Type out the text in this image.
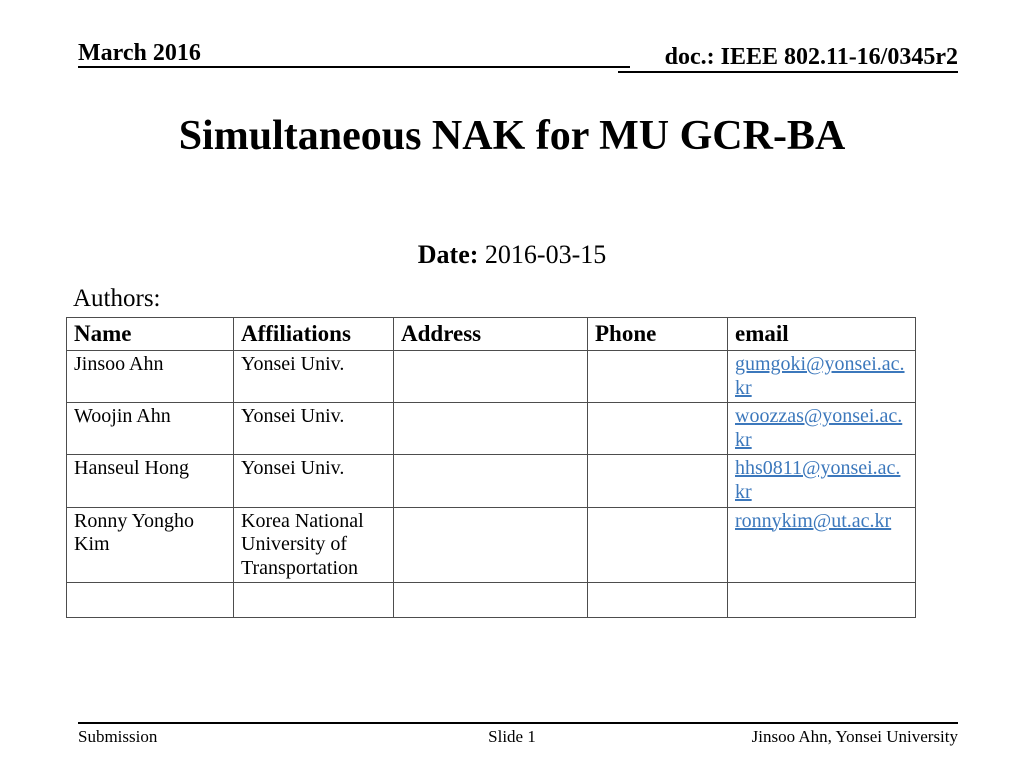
March 2016	doc.: IEEE 802.11-16/0345r2
Simultaneous NAK for MU GCR-BA
Date: 2016-03-15
Authors:
Name	Affiliations	Address	Phone	email
Jinsoo Ahn	Yonsei Univ.			gumgoki@yonsei.ac.kr
Woojin Ahn	Yonsei Univ.			woozzas@yonsei.ac.kr
Hanseul Hong	Yonsei Univ.			hhs0811@yonsei.ac.kr
Ronny Yongho Kim	Korea National University of Transportation			ronnykim@ut.ac.kr

Submission	Slide 1	Jinsoo Ahn, Yonsei University
